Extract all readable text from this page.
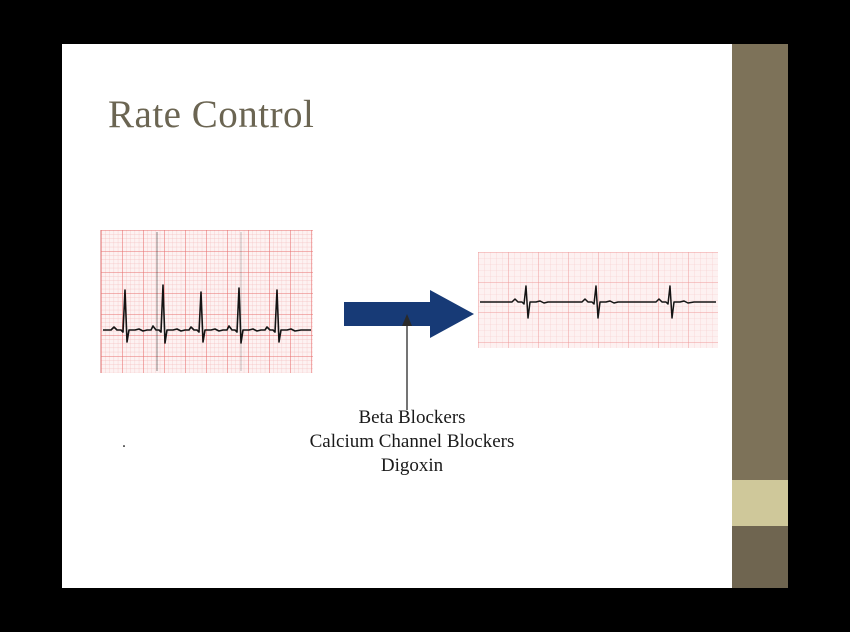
Rate Control
Beta Blockers
Calcium Channel Blockers
Digoxin
.
